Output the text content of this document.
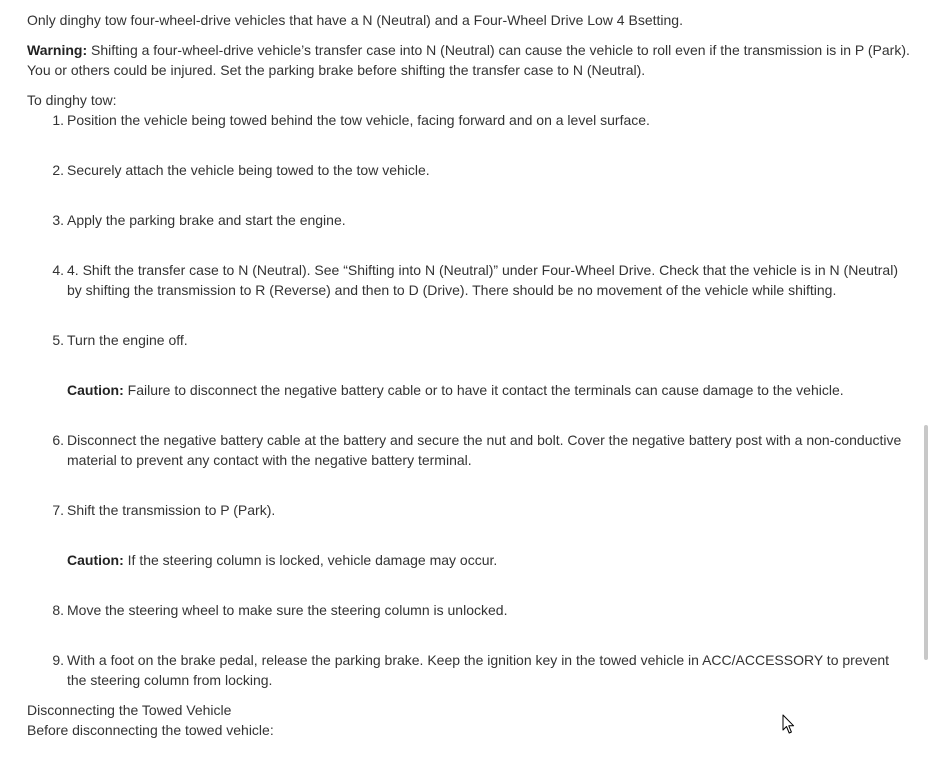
Only dinghy tow four-wheel-drive vehicles that have a N (Neutral) and a Four-Wheel Drive Low 4 Bsetting.

Warning: Shifting a four-wheel-drive vehicle’s transfer case into N (Neutral) can cause the vehicle to roll even if the transmission is in P (Park). You or others could be injured. Set the parking brake before shifting the transfer case to N (Neutral).

To dinghy tow:

1. Position the vehicle being towed behind the tow vehicle, facing forward and on a level surface.
2. Securely attach the vehicle being towed to the tow vehicle.
3. Apply the parking brake and start the engine.
4. 4. Shift the transfer case to N (Neutral). See “Shifting into N (Neutral)” under Four-Wheel Drive. Check that the vehicle is in N (Neutral) by shifting the transmission to R (Reverse) and then to D (Drive). There should be no movement of the vehicle while shifting.
5. Turn the engine off.

Caution: Failure to disconnect the negative battery cable or to have it contact the terminals can cause damage to the vehicle.

6. Disconnect the negative battery cable at the battery and secure the nut and bolt. Cover the negative battery post with a non-conductive material to prevent any contact with the negative battery terminal.
7. Shift the transmission to P (Park).

Caution: If the steering column is locked, vehicle damage may occur.

8. Move the steering wheel to make sure the steering column is unlocked.
9. With a foot on the brake pedal, release the parking brake. Keep the ignition key in the towed vehicle in ACC/ACCESSORY to prevent the steering column from locking.

Disconnecting the Towed Vehicle

Before disconnecting the towed vehicle:
